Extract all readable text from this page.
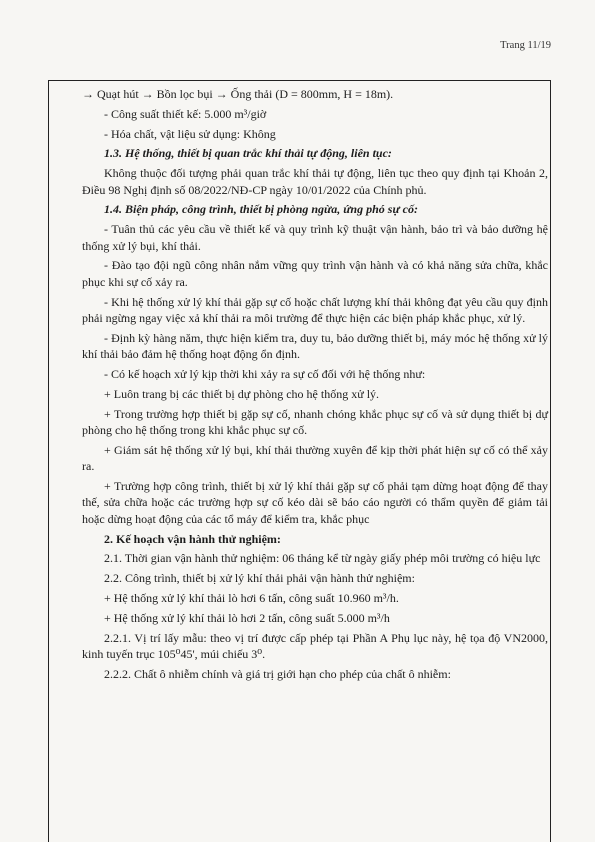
Trang 11/19

→ Quạt hút → Bồn lọc bụi → Ống thải (D = 800mm, H = 18m).

- Công suất thiết kế: 5.000 m³/giờ

- Hóa chất, vật liệu sử dụng: Không

1.3. Hệ thống, thiết bị quan trắc khí thải tự động, liên tục:

Không thuộc đối tượng phải quan trắc khí thải tự động, liên tục theo quy định tại Khoản 2, Điều 98 Nghị định số 08/2022/NĐ-CP ngày 10/01/2022 của Chính phủ.

1.4. Biện pháp, công trình, thiết bị phòng ngừa, ứng phó sự cố:

- Tuân thủ các yêu cầu về thiết kế và quy trình kỹ thuật vận hành, bảo trì và bảo dưỡng hệ thống xử lý bụi, khí thải.

- Đào tạo đội ngũ công nhân nắm vững quy trình vận hành và có khả năng sửa chữa, khắc phục khi sự cố xảy ra.

- Khi hệ thống xử lý khí thải gặp sự cố hoặc chất lượng khí thải không đạt yêu cầu quy định phải ngừng ngay việc xả khí thải ra môi trường để thực hiện các biện pháp khắc phục, xử lý.

- Định kỳ hàng năm, thực hiện kiểm tra, duy tu, bảo dưỡng thiết bị, máy móc hệ thống xử lý khí thải bảo đảm hệ thống hoạt động ổn định.

- Có kế hoạch xử lý kịp thời khi xảy ra sự cố đối với hệ thống như:

+ Luôn trang bị các thiết bị dự phòng cho hệ thống xử lý.

+ Trong trường hợp thiết bị gặp sự cố, nhanh chóng khắc phục sự cố và sử dụng thiết bị dự phòng cho hệ thống trong khi khắc phục sự cố.

+ Giám sát hệ thống xử lý bụi, khí thải thường xuyên để kịp thời phát hiện sự cố có thể xảy ra.

+ Trường hợp công trình, thiết bị xử lý khí thải gặp sự cố phải tạm dừng hoạt động để thay thế, sửa chữa hoặc các trường hợp sự cố kéo dài sẽ báo cáo người có thẩm quyền để giảm tải hoặc dừng hoạt động của các tổ máy để kiểm tra, khắc phục

2. Kế hoạch vận hành thử nghiệm:

2.1. Thời gian vận hành thử nghiệm: 06 tháng kể từ ngày giấy phép môi trường có hiệu lực

2.2. Công trình, thiết bị xử lý khí thải phải vận hành thử nghiệm:

+ Hệ thống xử lý khí thải lò hơi 6 tấn, công suất 10.960 m³/h.

+ Hệ thống xử lý khí thải lò hơi 2 tấn, công suất 5.000 m³/h

2.2.1. Vị trí lấy mẫu: theo vị trí được cấp phép tại Phần A Phụ lục này, hệ tọa độ VN2000, kinh tuyến trục 105⁰45', múi chiếu 3⁰.

2.2.2. Chất ô nhiễm chính và giá trị giới hạn cho phép của chất ô nhiễm:
